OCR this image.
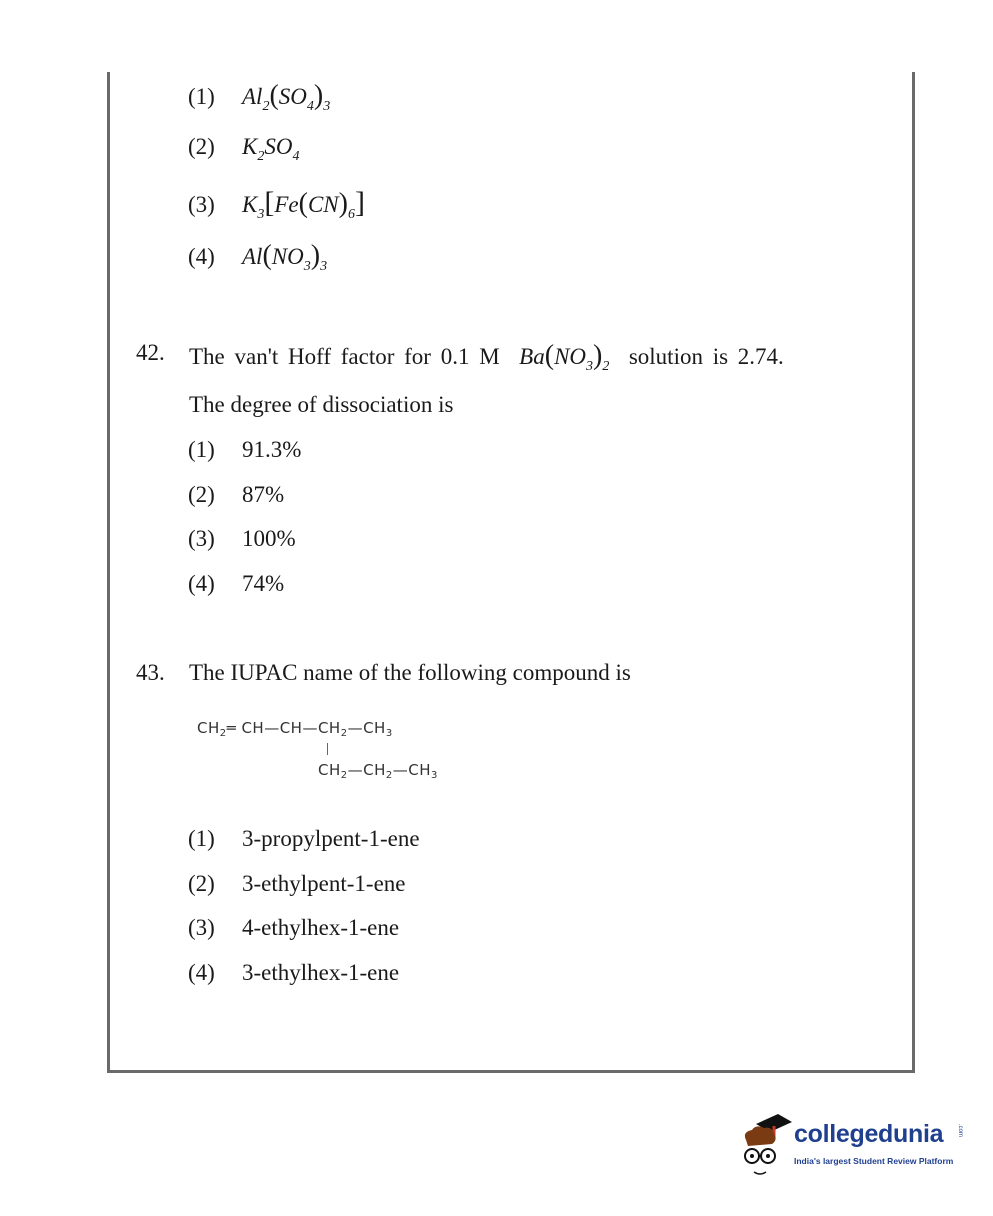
(1) $Al_2(SO_4)_3$
(2) $K_2SO_4$
(3) $K_3[Fe(CN)_6]$
(4) $Al(NO_3)_3$
42. The van't Hoff factor for 0.1 M $Ba(NO_3)_2$ solution is 2.74.
The degree of dissociation is
(1) 91.3%
(2) 87%
(3) 100%
(4) 74%
43. The IUPAC name of the following compound is
$CH_2═$ $CH—CH—CH_2—CH_3$
$CH_2—CH_2—CH_3$
(1) 3-propylpent-1-ene
(2) 3-ethylpent-1-ene
(3) 4-ethylhex-1-ene
(4) 3-ethylhex-1-ene
collegedunia .com
India's largest Student Review Platform
